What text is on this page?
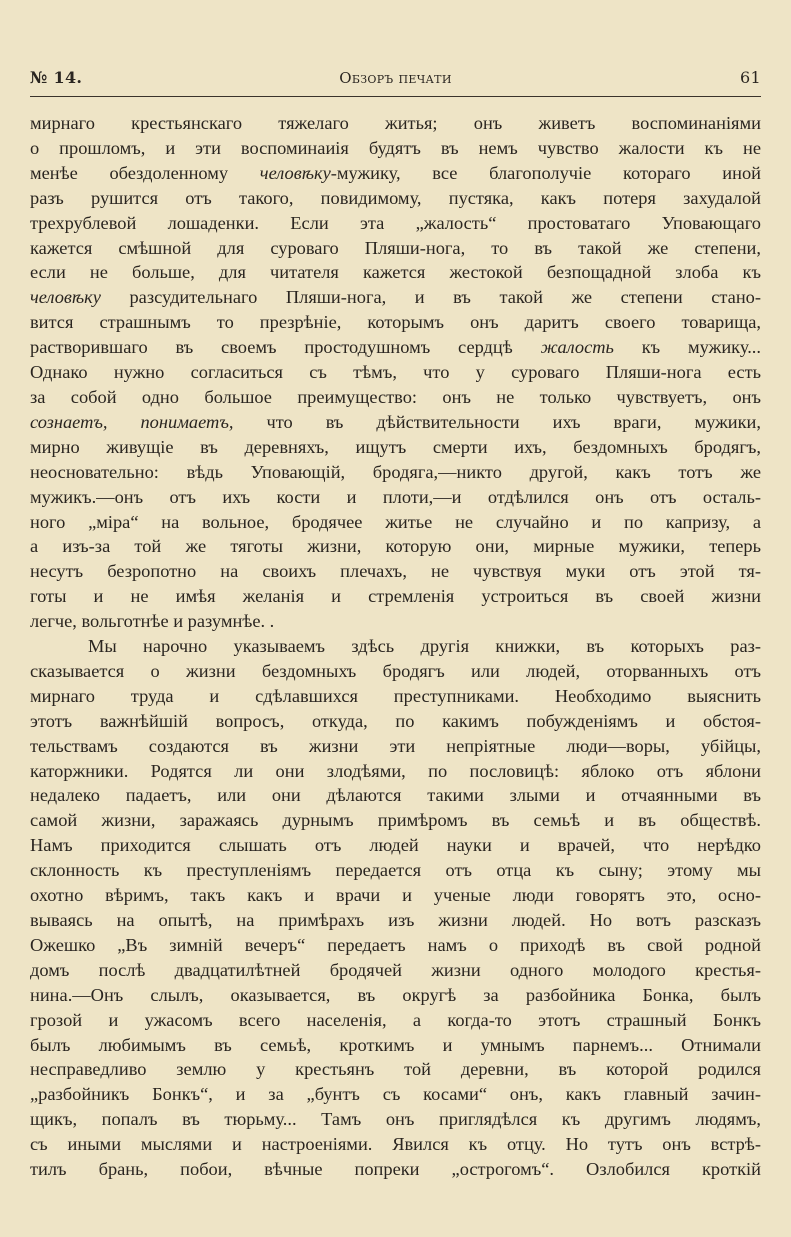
№ 14.	Обзоръ печати	61
мирнаго крестьянскаго тяжелаго житья; онъ живетъ воспоминаніями
о прошломъ, и эти воспоминаиія будятъ въ немъ чувство жалости къ не
менѣе обездоленному человѣку-мужику, все благополучіе котораго иной
разъ рушится отъ такого, повидимому, пустяка, какъ потеря захудалой
трехрублевой лошаденки. Если эта „жалость“ простоватаго Уповающаго
кажется смѣшной для суроваго Пляши-нога, то въ такой же степени,
если не больше, для читателя кажется жестокой безпощадной злоба къ
человѣку разсудительнаго Пляши-нога, и въ такой же степени стано-
вится страшнымъ то презрѣніе, которымъ онъ даритъ своего товарища,
растворившаго въ своемъ простодушномъ сердцѣ жалость къ мужику...
Однако нужно согласиться съ тѣмъ, что у суроваго Пляши-нога есть
за собой одно большое преимущество: онъ не только чувствуетъ, онъ
сознаетъ, понимаетъ, что въ дѣйствительности ихъ враги, мужики,
мирно живущіе въ деревняхъ, ищутъ смерти ихъ, бездомныхъ бродягъ,
неосновательно: вѣдь Уповающій, бродяга,—никто другой, какъ тотъ же
мужикъ.—онъ отъ ихъ кости и плоти,—и отдѣлился онъ отъ осталь-
ного „міра“ на вольное, бродячее житье не случайно и по капризу, а
а изъ-за той же тяготы жизни, которую они, мирные мужики, теперь
несутъ безропотно на своихъ плечахъ, не чувствуя муки отъ этой тя-
готы и не имѣя желанія и стремленія устроиться въ своей жизни
легче, вольготнѣе и разумнѣе. .
Мы нарочно указываемъ здѣсь другія книжки, въ которыхъ раз-
сказывается о жизни бездомныхъ бродягъ или людей, оторванныхъ отъ
мирнаго труда и сдѣлавшихся преступниками. Необходимо выяснить
этотъ важнѣйшій вопросъ, откуда, по какимъ побужденіямъ и обстоя-
тельствамъ создаются въ жизни эти непріятные люди—воры, убійцы,
каторжники. Родятся ли они злодѣями, по пословицѣ: яблоко отъ яблони
недалеко падаетъ, или они дѣлаются такими злыми и отчаянными въ
самой жизни, заражаясь дурнымъ примѣромъ въ семьѣ и въ обществѣ.
Намъ приходится слышать отъ людей науки и врачей, что нерѣдко
склонность къ преступленіямъ передается отъ отца къ сыну; этому мы
охотно вѣримъ, такъ какъ и врачи и ученые люди говорятъ это, осно-
вываясь на опытѣ, на примѣрахъ изъ жизни людей. Но вотъ разсказъ
Ожешко „Въ зимній вечеръ“ передаетъ намъ о приходѣ въ свой родной
домъ послѣ двадцатилѣтней бродячей жизни одного молодого крестья-
нина.—Онъ слылъ, оказывается, въ округѣ за разбойника Бонка, былъ
грозой и ужасомъ всего населенія, а когда-то этотъ страшный Бонкъ
былъ любимымъ въ семьѣ, кроткимъ и умнымъ парнемъ... Отнимали
несправедливо землю у крестьянъ той деревни, въ которой родился
„разбойникъ Бонкъ“, и за „бунтъ съ косами“ онъ, какъ главный зачин-
щикъ, попалъ въ тюрьму... Тамъ онъ приглядѣлся къ другимъ людямъ,
съ иными мыслями и настроеніями. Явился къ отцу. Но тутъ онъ встрѣ-
тилъ брань, побои, вѣчные попреки „острогомъ“. Озлобился кроткій
